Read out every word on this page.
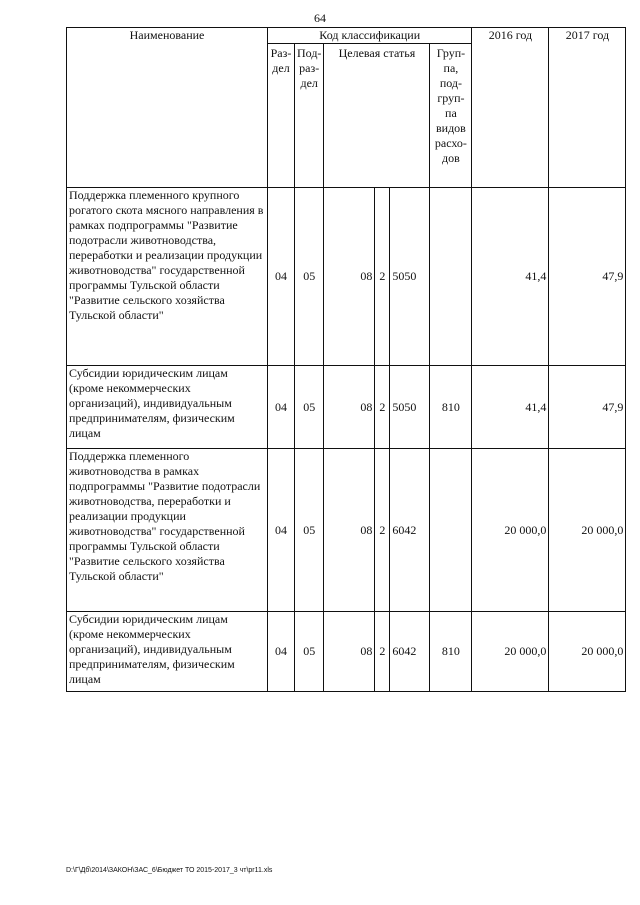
64
Наименование	Код классификации						2016 год	2017 год
	Раз-дел	Под-раз-дел	Целевая статья			Груп-па, под-груп-па видов расхо-дов		
Поддержка племенного крупного рогатого скота мясного направления в рамках подпрограммы "Развитие подотрасли животноводства, переработки и реализации продукции животноводства" государственной программы Тульской области "Развитие сельского хозяйства Тульской области"	04	05	08	2	5050		41,4	47,9
Субсидии юридическим лицам (кроме некоммерческих организаций), индивидуальным предпринимателям, физическим лицам	04	05	08	2	5050	810	41,4	47,9
Поддержка племенного животноводства в рамках подпрограммы "Развитие подотрасли животноводства, переработки и реализации продукции животноводства" государственной программы Тульской области "Развитие сельского хозяйства Тульской области"	04	05	08	2	6042		20 000,0	20 000,0
Субсидии юридическим лицам (кроме некоммерческих организаций), индивидуальным предпринимателям, физическим лицам	04	05	08	2	6042	810	20 000,0	20 000,0
D:\Г\Дб\2014\ЗАКОН\ЗАС_6\Бюджет ТО 2015-2017_3 чт\pr11.xls
